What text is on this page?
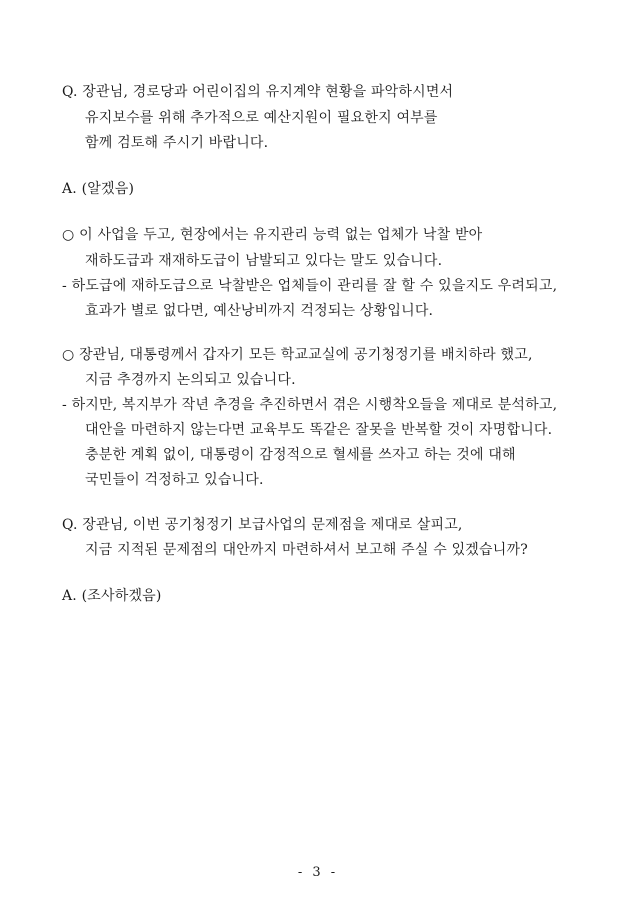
Q. 장관님, 경로당과 어린이집의 유지계약 현황을 파악하시면서
유지보수를 위해 추가적으로 예산지원이 필요한지 여부를
함께 검토해 주시기 바랍니다.
A. (알겠음)
○ 이 사업을 두고, 현장에서는 유지관리 능력 없는 업체가 낙찰 받아
재하도급과 재재하도급이 남발되고 있다는 말도 있습니다.
- 하도급에 재하도급으로 낙찰받은 업체들이 관리를 잘 할 수 있을지도 우려되고,
효과가 별로 없다면, 예산낭비까지 걱정되는 상황입니다.
○ 장관님, 대통령께서 갑자기 모든 학교교실에 공기청정기를 배치하라 했고,
지금 추경까지 논의되고 있습니다.
- 하지만, 복지부가 작년 추경을 추진하면서 겪은 시행착오들을 제대로 분석하고,
대안을 마련하지 않는다면 교육부도 똑같은 잘못을 반복할 것이 자명합니다.
충분한 계획 없이, 대통령이 감정적으로 혈세를 쓰자고 하는 것에 대해
국민들이 걱정하고 있습니다.
Q. 장관님, 이번 공기청정기 보급사업의 문제점을 제대로 살피고,
지금 지적된 문제점의 대안까지 마련하셔서 보고해 주실 수 있겠습니까?
A. (조사하겠음)
- 3 -
